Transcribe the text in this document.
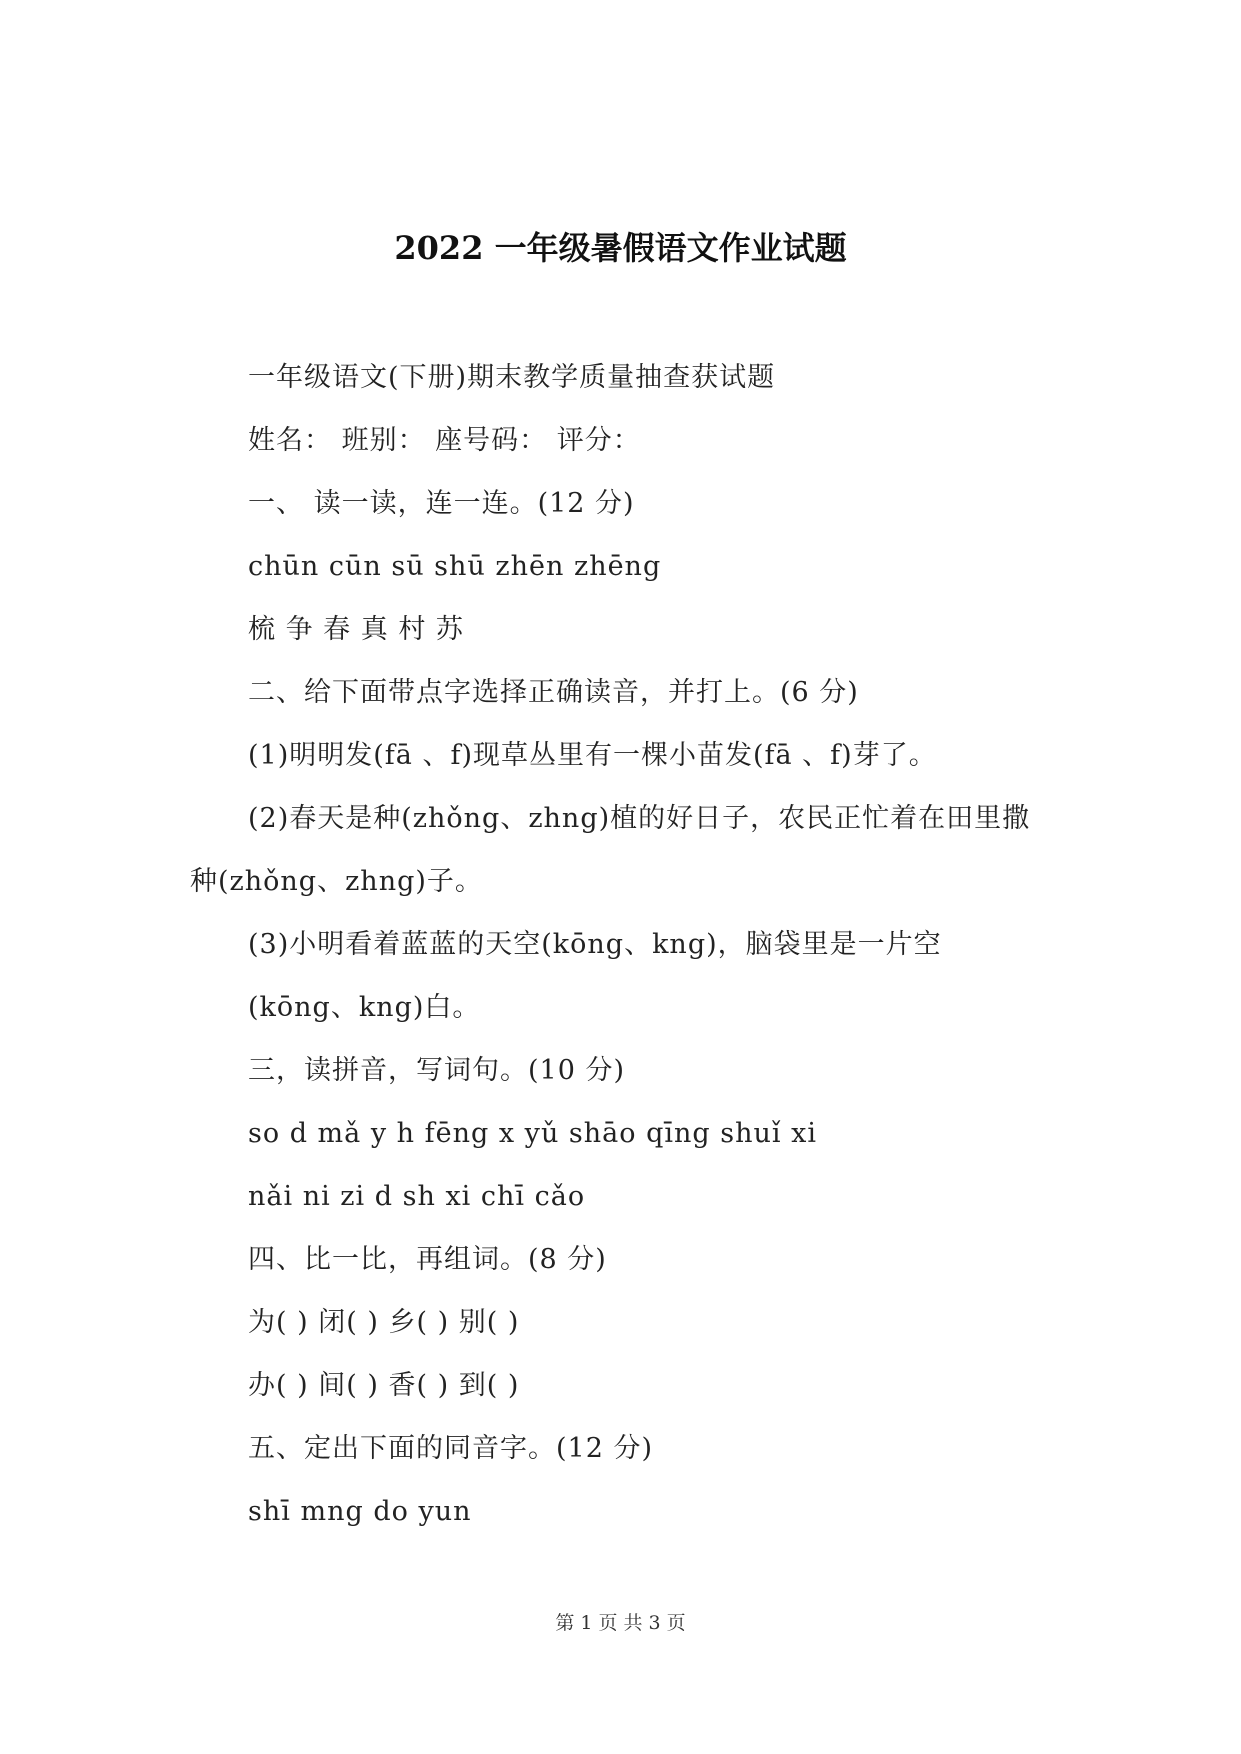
2022 一年级暑假语文作业试题
一年级语文(下册)期末教学质量抽查获试题
姓名： 班别： 座号码： 评分：
一、 读一读，连一连。(12 分)
chūn cūn sū shū zhēn zhēng
梳 争 春 真 村 苏
二、给下面带点字选择正确读音，并打上。(6 分)
(1)明明发(fā 、f)现草丛里有一棵小苗发(fā 、f)芽了。
(2)春天是种(zhǒng、zhng)植的好日子，农民正忙着在田里撒
种(zhǒng、zhng)子。
(3)小明看着蓝蓝的天空(kōng、kng)，脑袋里是一片空
(kōng、kng)白。
三，读拼音，写词句。(10 分)
so d mǎ y h fēng x yǔ shāo qīng shuǐ xi
nǎi ni zi d sh xi chī cǎo
四、比一比，再组词。(8 分)
为( ) 闭( ) 乡( ) 别( )
办( ) 间( ) 香( ) 到( )
五、定出下面的同音字。(12 分)
shī mng do yun
第 1 页 共 3 页
